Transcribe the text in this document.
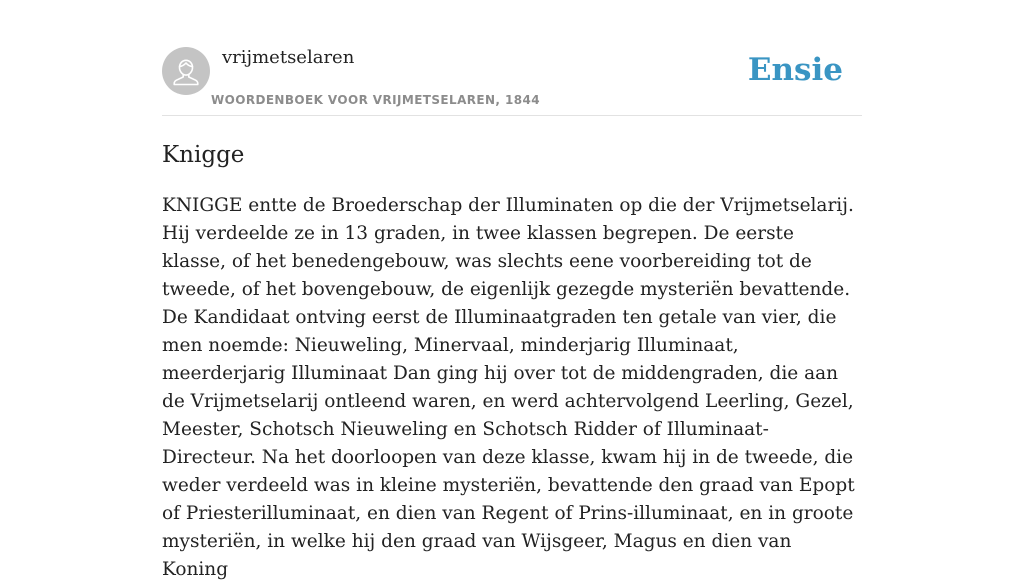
vrijmetselaren
WOORDENBOEK VOOR VRIJMETSELAREN, 1844
Ensie
Knigge

KNIGGE entte de Broederschap der Illuminaten op die der Vrijmetselarij. Hij verdeelde ze in 13 graden, in twee klassen begrepen. De eerste klasse, of het benedengebouw, was slechts eene voorbereiding tot de tweede, of het bovengebouw, de eigenlijk gezegde mysteriën bevattende. De Kandidaat ontving eerst de Illuminaatgraden ten getale van vier, die men noemde: Nieuweling, Minervaal, minderjarig Illuminaat, meerderjarig Illuminaat Dan ging hij over tot de middengraden, die aan de Vrijmetselarij ontleend waren, en werd achtervolgend Leerling, Gezel, Meester, Schotsch Nieuweling en Schotsch Ridder of Illuminaat-Directeur. Na het doorloopen van deze klasse, kwam hij in de tweede, die weder verdeeld was in kleine mysteriën, bevattende den graad van Epopt of Priesterilluminaat, en dien van Regent of Prins-illuminaat, en in groote mysteriën, in welke hij den graad van Wijsgeer, Magus en dien van Koning
